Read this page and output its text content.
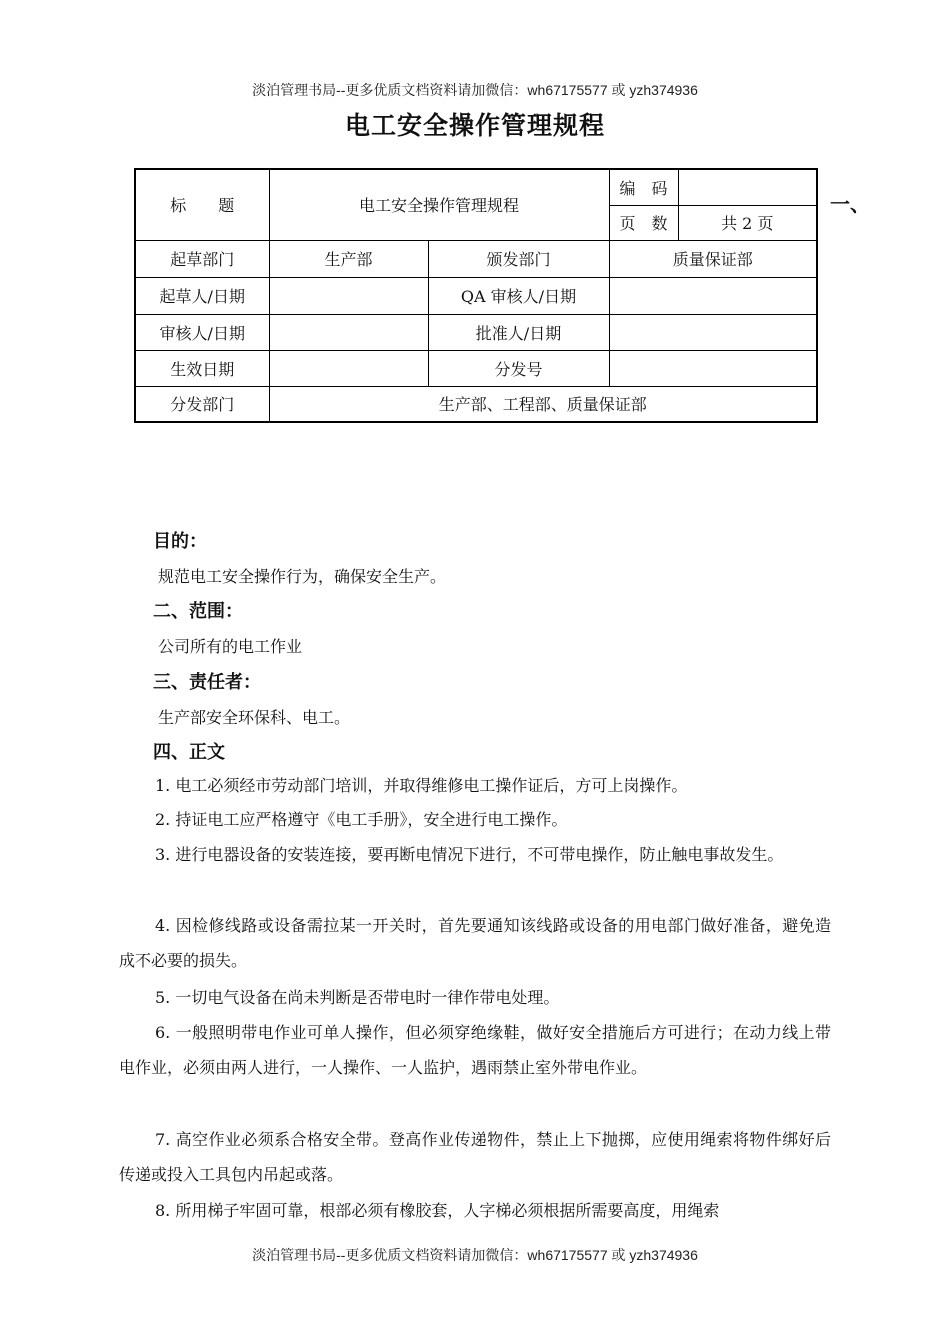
淡泊管理书局--更多优质文档资料请加微信：wh67175577 或 yzh374936
电工安全操作管理规程
一、
标　　题	电工安全操作管理规程		编　码	
			页　数	共 2 页
起草部门	生产部	颁发部门	质量保证部	
起草人/日期		QA 审核人/日期		
审核人/日期		批准人/日期		
生效日期		分发号		
分发部门	生产部、工程部、质量保证部			
目的：
规范电工安全操作行为，确保安全生产。
二、范围：
公司所有的电工作业
三、责任者：
生产部安全环保科、电工。
四、正文

1. 电工必须经市劳动部门培训，并取得维修电工操作证后，方可上岗操作。

2. 持证电工应严格遵守《电工手册》，安全进行电工操作。

3. 进行电器设备的安装连接，要再断电情况下进行，不可带电操作，防止触电事故发生。

4. 因检修线路或设备需拉某一开关时，首先要通知该线路或设备的用电部门做好准备，避免造成不必要的损失。

5. 一切电气设备在尚未判断是否带电时一律作带电处理。

6. 一般照明带电作业可单人操作，但必须穿绝缘鞋，做好安全措施后方可进行；在动力线上带电作业，必须由两人进行，一人操作、一人监护，遇雨禁止室外带电作业。

7. 高空作业必须系合格安全带。登高作业传递物件，禁止上下抛掷，应使用绳索将物件绑好后传递或投入工具包内吊起或落。

8. 所用梯子牢固可靠，根部必须有橡胶套，人字梯必须根据所需要高度，用绳索

淡泊管理书局--更多优质文档资料请加微信：wh67175577 或 yzh374936
